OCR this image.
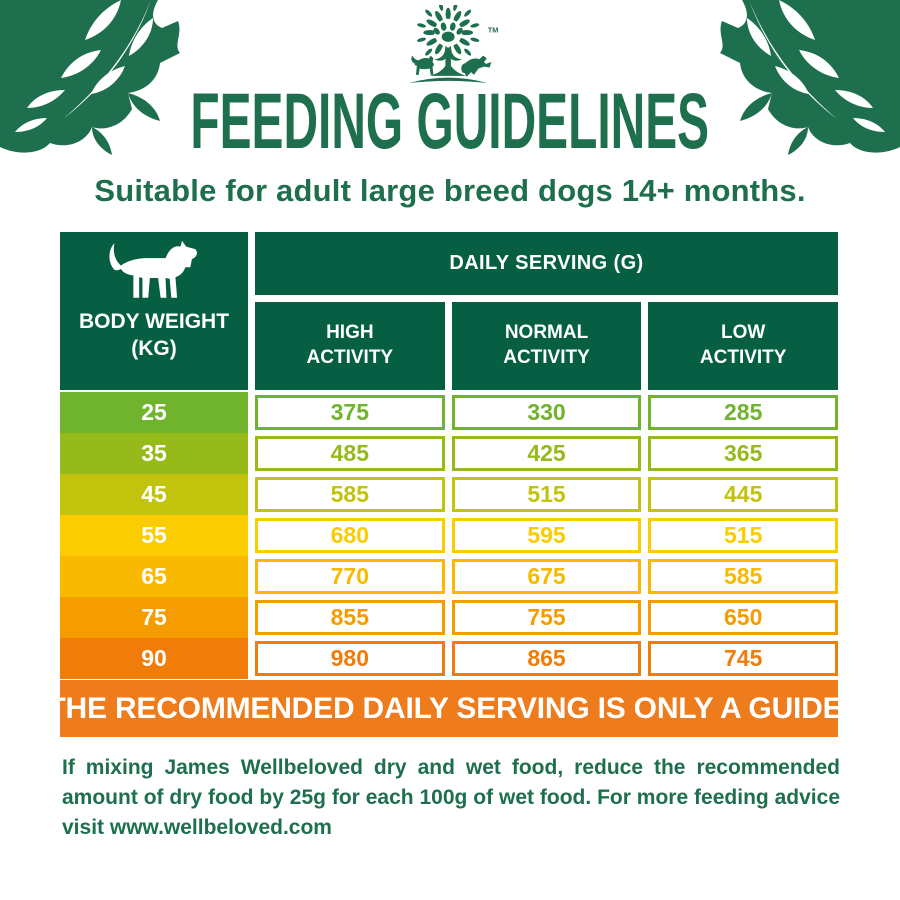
TM
FEEDING GUIDELINES
Suitable for adult large breed dogs 14+ months.
BODY WEIGHT
(KG)
DAILY SERVING (G)
HIGH ACTIVITY
NORMAL ACTIVITY
LOW ACTIVITY
25	375	330	285
35	485	425	365
45	585	515	445
55	680	595	515
65	770	675	585
75	855	755	650
90	980	865	745
THE RECOMMENDED DAILY SERVING IS ONLY A GUIDE.
If mixing James Wellbeloved dry and wet food, reduce the recommended amount of dry food by 25g for each 100g of wet food. For more feeding advice visit www.wellbeloved.com
